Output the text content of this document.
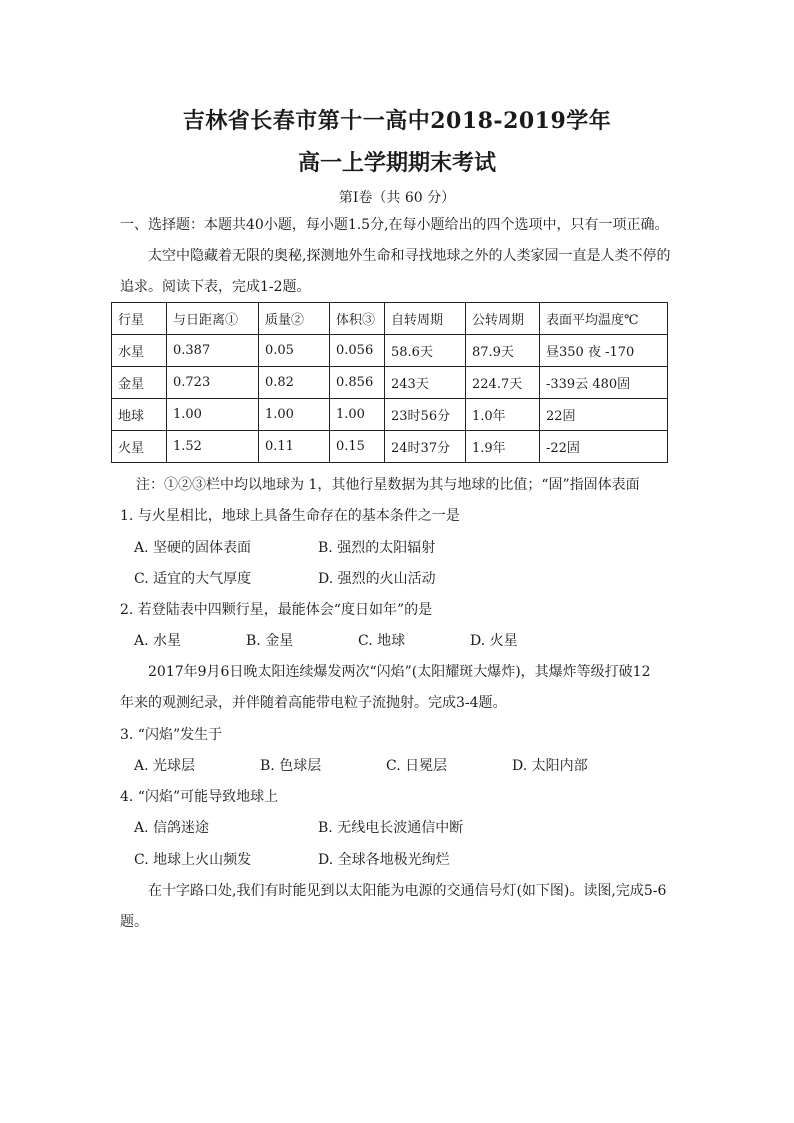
吉林省长春市第十一高中2018-2019学年
高一上学期期末考试
第Ⅰ卷（共 60 分）
一、选择题：本题共40小题，每小题1.5分,在每小题给出的四个选项中，只有一项正确。
太空中隐藏着无限的奥秘,探测地外生命和寻找地球之外的人类家园一直是人类不停的
追求。阅读下表，完成1-2题。
行星	与日距离①	质量②	体积③	自转周期	公转周期	表面平均温度℃
水星	0.387	0.05	0.056	58.6天	87.9天	昼350 夜 -170
金星	0.723	0.82	0.856	243天	224.7天	-339云 480固
地球	1.00	1.00	1.00	23时56分	1.0年	22固
火星	1.52	0.11	0.15	24时37分	1.9年	-22固
注：①②③栏中均以地球为 1，其他行星数据为其与地球的比值；“固”指固体表面
1. 与火星相比，地球上具备生命存在的基本条件之一是
A. 坚硬的固体表面	B. 强烈的太阳辐射
C. 适宜的大气厚度	D. 强烈的火山活动
2. 若登陆表中四颗行星，最能体会“度日如年”的是
A. 水星	B. 金星	C. 地球	D. 火星
2017年9月6日晚太阳连续爆发两次“闪焰”(太阳耀斑大爆炸)，其爆炸等级打破12
年来的观测纪录，并伴随着高能带电粒子流抛射。完成3-4题。
3. “闪焰”发生于
A. 光球层	B. 色球层	C. 日冕层	D. 太阳内部
4. “闪焰”可能导致地球上
A. 信鸽迷途	B. 无线电长波通信中断
C. 地球上火山频发	D. 全球各地极光绚烂
在十字路口处,我们有时能见到以太阳能为电源的交通信号灯(如下图)。读图,完成5-6
题。
